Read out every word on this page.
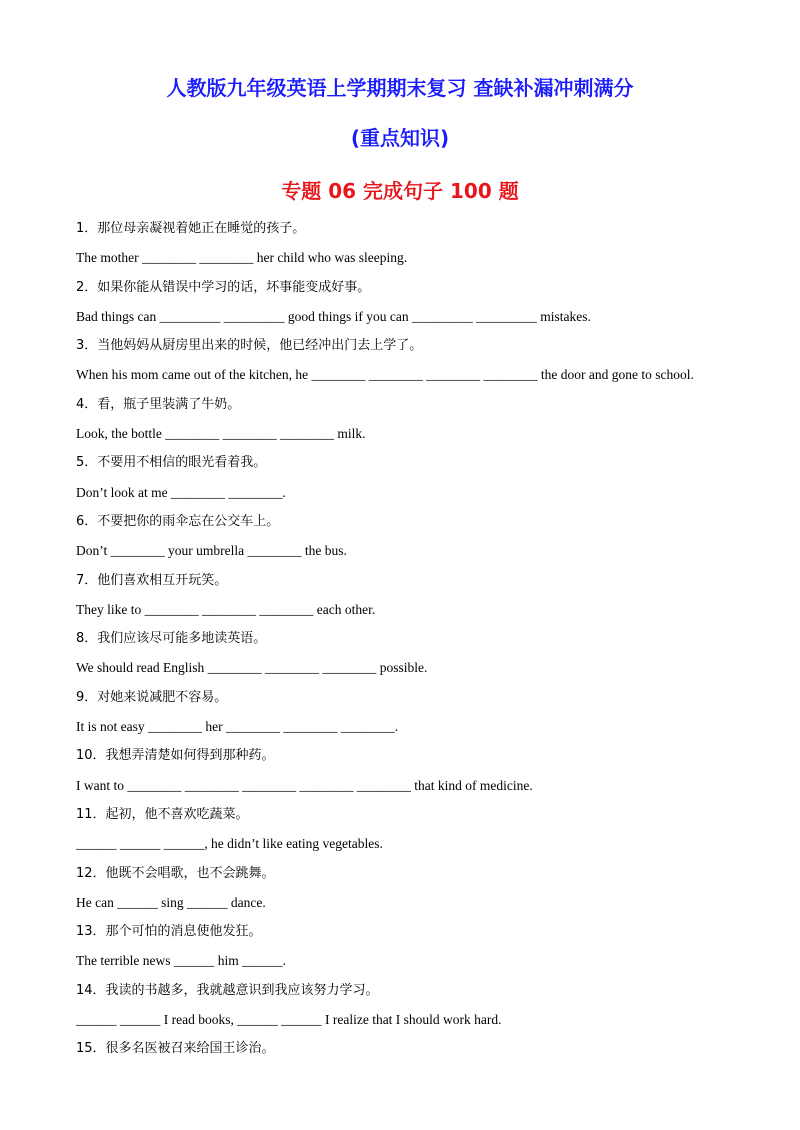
人教版九年级英语上学期期末复习 查缺补漏冲刺满分
(重点知识)
专题 06 完成句子 100 题
1．那位母亲凝视着她正在睡觉的孩子。
The mother ________ ________ her child who was sleeping.
2．如果你能从错误中学习的话，坏事能变成好事。
Bad things can _________ _________ good things if you can _________ _________ mistakes.
3．当他妈妈从厨房里出来的时候，他已经冲出门去上学了。
When his mom came out of the kitchen, he ________ ________ ________ ________ the door and gone to school.
4．看，瓶子里装满了牛奶。
Look, the bottle ________ ________ ________ milk.
5．不要用不相信的眼光看着我。
Don’t look at me ________ ________.
6．不要把你的雨伞忘在公交车上。
Don’t ________ your umbrella ________ the bus.
7．他们喜欢相互开玩笑。
They like to ________ ________ ________ each other.
8．我们应该尽可能多地读英语。
We should read English ________ ________ ________ possible.
9．对她来说减肥不容易。
It is not easy ________ her ________ ________ ________.
10．我想弄清楚如何得到那种药。
I want to ________ ________ ________ ________ ________ that kind of medicine.
11．起初，他不喜欢吃蔬菜。
______ ______ ______, he didn’t like eating vegetables.
12．他既不会唱歌，也不会跳舞。
He can ______ sing ______ dance.
13．那个可怕的消息使他发狂。
The terrible news ______ him ______.
14．我读的书越多，我就越意识到我应该努力学习。
______ ______ I read books, ______ ______ I realize that I should work hard.
15．很多名医被召来给国王诊治。
